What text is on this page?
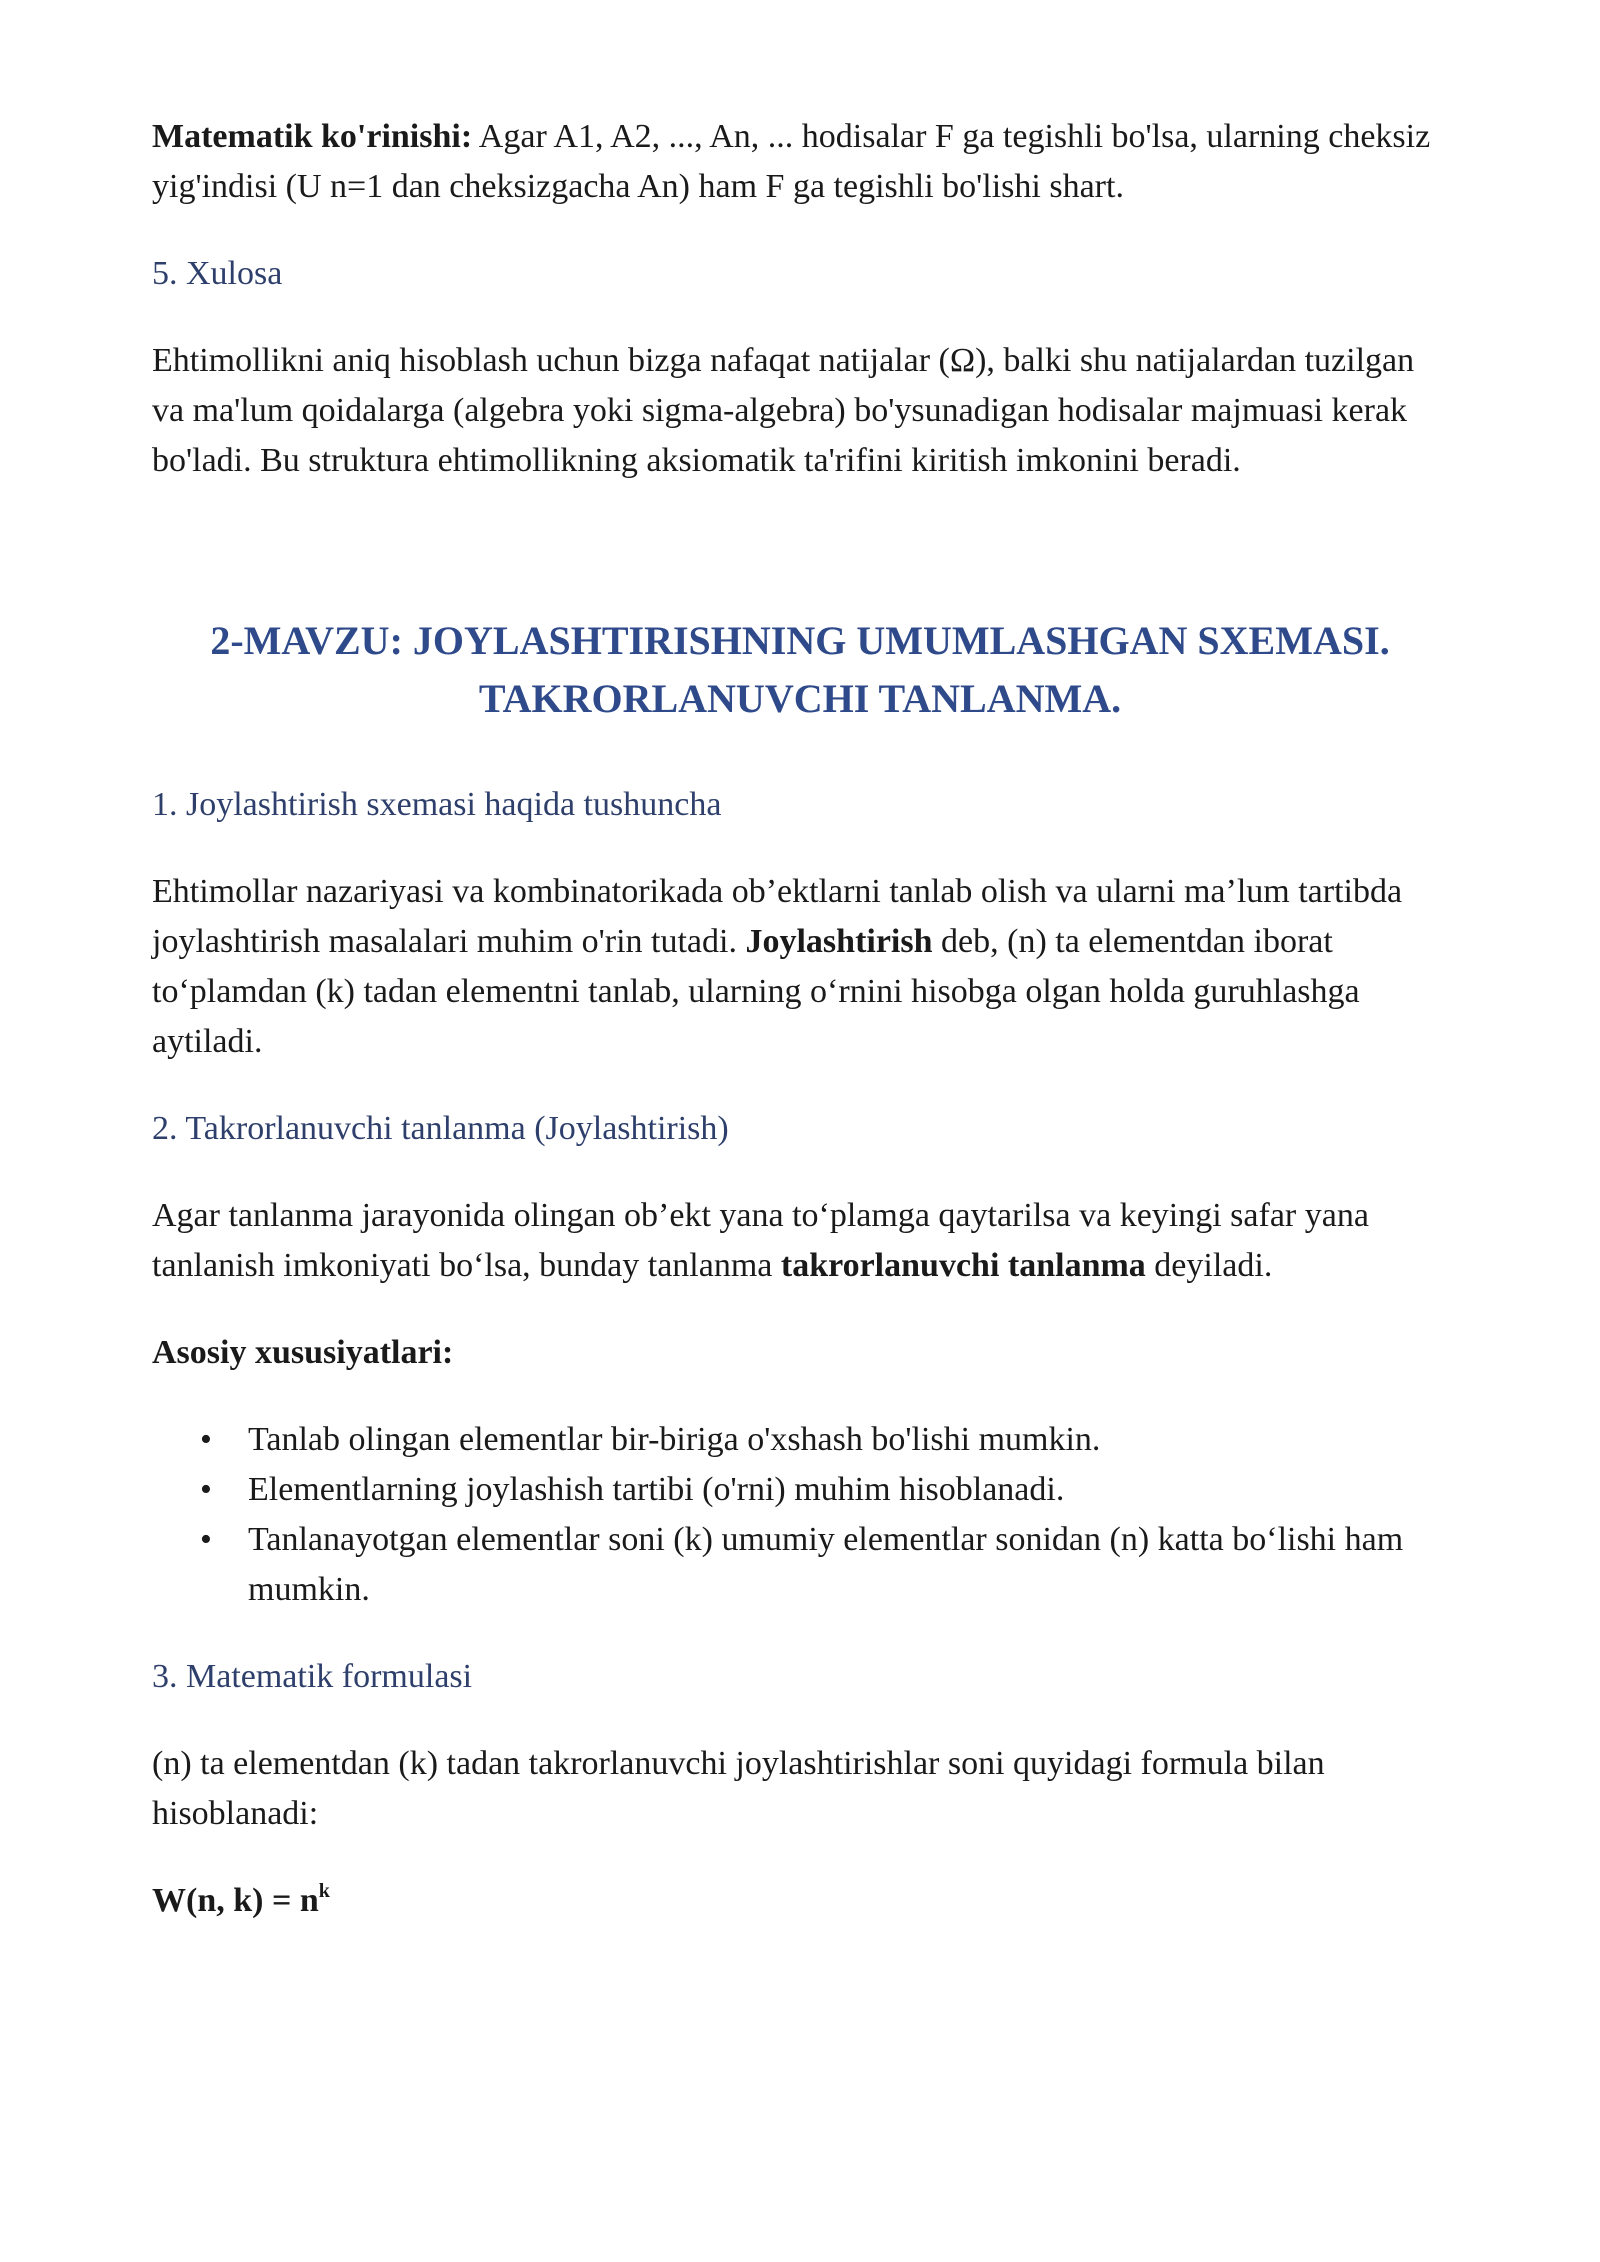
Matematik ko'rinishi: Agar A1, A2, ..., An, ... hodisalar F ga tegishli bo'lsa, ularning cheksiz yig'indisi (U n=1 dan cheksizgacha An) ham F ga tegishli bo'lishi shart.

5. Xulosa

Ehtimollikni aniq hisoblash uchun bizga nafaqat natijalar (Ω), balki shu natijalardan tuzilgan va ma'lum qoidalarga (algebra yoki sigma-algebra) bo'ysunadigan hodisalar majmuasi kerak bo'ladi. Bu struktura ehtimollikning aksiomatik ta'rifini kiritish imkonini beradi.

2-MAVZU: JOYLASHTIRISHNING UMUMLASHGAN SXEMASI.
TAKRORLANUVCHI TANLANMA.

1. Joylashtirish sxemasi haqida tushuncha

Ehtimollar nazariyasi va kombinatorikada ob’ektlarni tanlab olish va ularni ma’lum tartibda joylashtirish masalalari muhim o'rin tutadi. Joylashtirish deb, (n) ta elementdan iborat to‘plamdan (k) tadan elementni tanlab, ularning o‘rnini hisobga olgan holda guruhlashga aytiladi.

2. Takrorlanuvchi tanlanma (Joylashtirish)

Agar tanlanma jarayonida olingan ob’ekt yana to‘plamga qaytarilsa va keyingi safar yana tanlanish imkoniyati bo‘lsa, bunday tanlanma takrorlanuvchi tanlanma deyiladi.

Asosiy xususiyatlari:

• Tanlab olingan elementlar bir-biriga o'xshash bo'lishi mumkin.
• Elementlarning joylashish tartibi (o'rni) muhim hisoblanadi.
• Tanlanayotgan elementlar soni (k) umumiy elementlar sonidan (n) katta bo‘lishi ham mumkin.

3. Matematik formulasi

(n) ta elementdan (k) tadan takrorlanuvchi joylashtirishlar soni quyidagi formula bilan hisoblanadi:

W(n, $k) = n^k$
